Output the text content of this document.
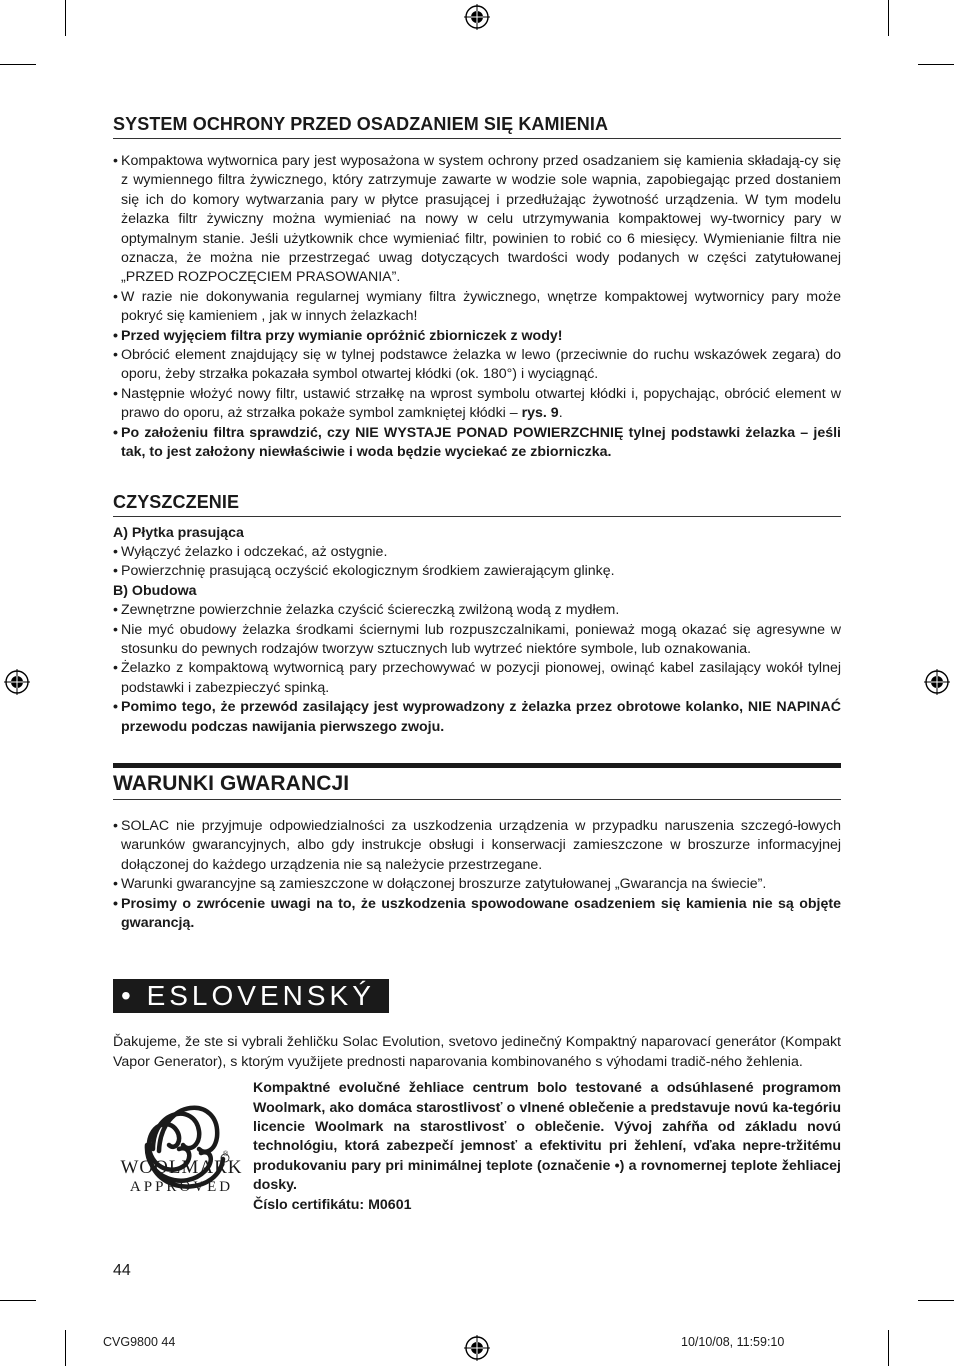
SYSTEM OCHRONY PRZED OSADZANIEM SIĘ KAMIENIA
• Kompaktowa wytwornica pary jest wyposażona w system ochrony przed osadzaniem się kamienia składają-cy się z wymiennego filtra żywicznego, który zatrzymuje zawarte w wodzie sole wapnia, zapobiegając przed dostaniem się ich do komory wytwarzania pary w płytce prasującej i przedłużając żywotność urządzenia. W tym modelu żelazka filtr żywiczny można wymieniać na nowy w celu utrzymywania kompaktowej wy-twornicy pary w optymalnym stanie. Jeśli użytkownik chce wymieniać filtr, powinien to robić co 6 miesięcy. Wymienianie filtra nie oznacza, że można nie przestrzegać uwag dotyczących twardości wody podanych w części zatytułowanej „PRZED ROZPOCZĘCIEM PRASOWANIA”.
• W razie nie dokonywania regularnej wymiany filtra żywicznego, wnętrze kompaktowej wytwornicy pary może pokryć się kamieniem , jak w innych żelazkach!
• Przed wyjęciem filtra przy wymianie opróżnić zbiorniczek z wody!
• Obrócić element znajdujący się w tylnej podstawce żelazka w lewo (przeciwnie do ruchu wskazówek zegara) do oporu, żeby strzałka pokazała symbol otwartej kłódki (ok. 180°) i wyciągnąć.
• Następnie włożyć nowy filtr, ustawić strzałkę na wprost symbolu otwartej kłódki i, popychając, obrócić element w prawo do oporu, aż strzałka pokaże symbol zamkniętej kłódki – rys. 9.
• Po założeniu filtra sprawdzić, czy NIE WYSTAJE PONAD POWIERZCHNIĘ tylnej podstawki żelazka – jeśli tak, to jest założony niewłaściwie i woda będzie wyciekać ze zbiorniczka.
CZYSZCZENIE
A) Płytka prasująca
• Wyłączyć żelazko i odczekać, aż ostygnie.
• Powierzchnię prasującą oczyścić ekologicznym środkiem zawierającym glinkę.
B) Obudowa
• Zewnętrzne powierzchnie żelazka czyścić ściereczką zwilżoną wodą z mydłem.
• Nie myć obudowy żelazka środkami ściernymi lub rozpuszczalnikami, ponieważ mogą okazać się agresywne w stosunku do pewnych rodzajów tworzyw sztucznych lub wytrzeć niektóre symbole, lub oznakowania.
• Żelazko z kompaktową wytwornicą pary przechowywać w pozycji pionowej, owinąć kabel zasilający wokół tylnej podstawki i zabezpieczyć spinką.
• Pomimo tego, że przewód zasilający jest wyprowadzony z żelazka przez obrotowe kolanko, NIE NAPINAĆ przewodu podczas nawijania pierwszego zwoju.
WARUNKI GWARANCJI
• SOLAC nie przyjmuje odpowiedzialności za uszkodzenia urządzenia w przypadku naruszenia szczegó-łowych warunków gwarancyjnych, albo gdy instrukcje obsługi i konserwacji zamieszczone w broszurze informacyjnej dołączonej do każdego urządzenia nie są należycie przestrzegane.
• Warunki gwarancyjne są zamieszczone w dołączonej broszurze zatytułowanej „Gwarancja na świecie”.
• Prosimy o zwrócenie uwagi na to, że uszkodzenia spowodowane osadzeniem się kamienia nie są objęte gwarancją.
• ESLOVENSKÝ

Ďakujeme, že ste si vybrali žehličku Solac Evolution, svetovo jedinečný Kompaktný naparovací generátor (Kompakt Vapor Generator), s ktorým využijete prednosti naparovania kombinovaného s výhodami tradič-ného žehlenia.

®
WOOLMARK
APPROVED
Kompaktné evolučné žehliace centrum bolo testované a odsúhlasené programom Woolmark, ako domáca starostlivosť o vlnené oblečenie a predstavuje novú ka-tegóriu licencie Woolmark na starostlivosť o oblečenie. Vývoj zahŕňa od základu novú technológiu, ktorá zabezpečí jemnosť a efektivitu pri žehlení, vďaka nepre-tržitému produkovaniu pary pri minimálnej teplote (označenie •) a rovnomernej teplote žehliacej dosky.
Číslo certifikátu: M0601
44
CVG9800 44	10/10/08, 11:59:10
